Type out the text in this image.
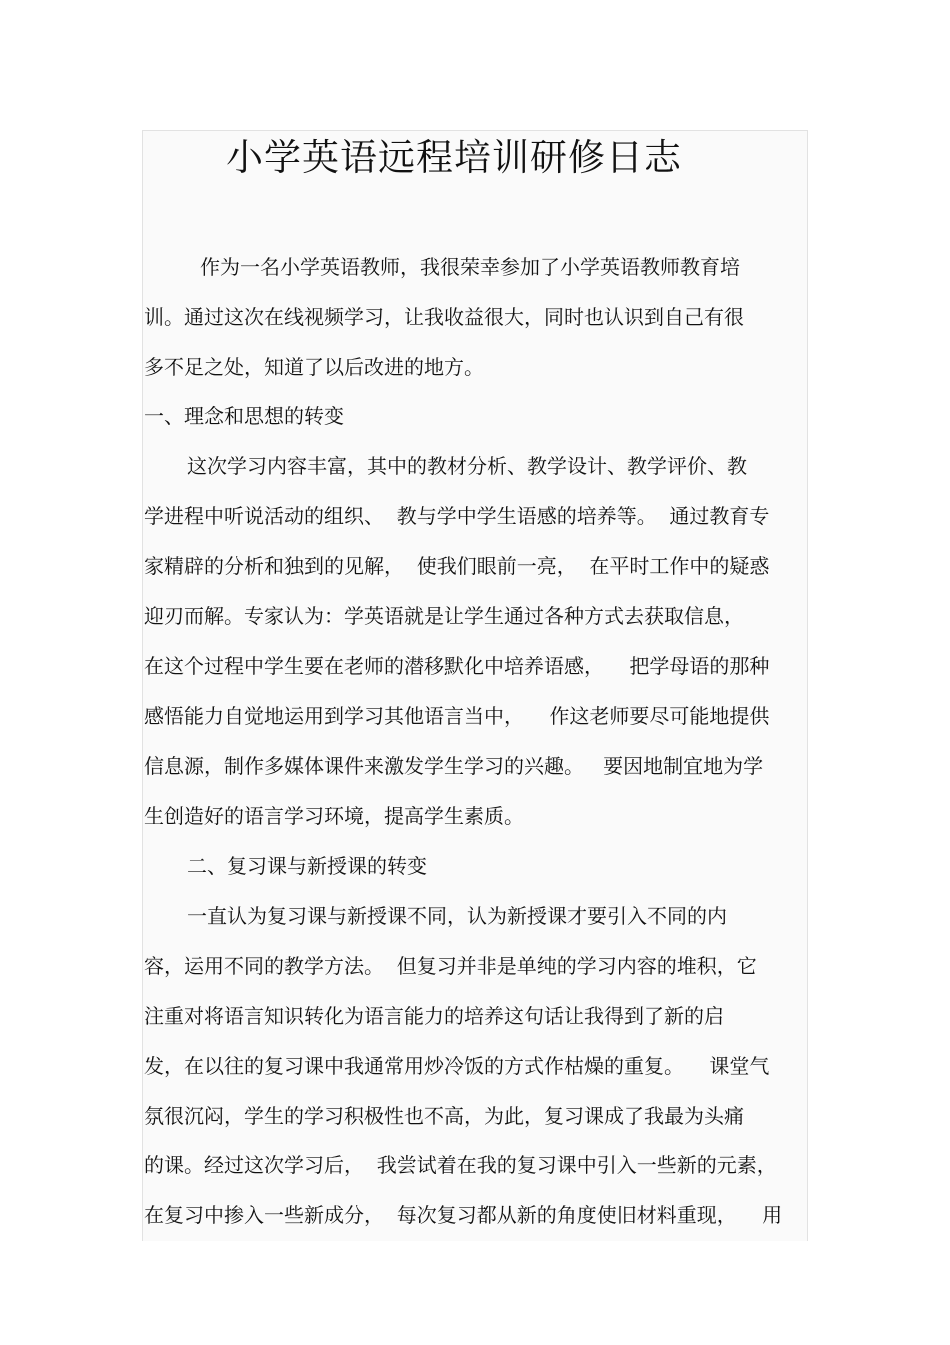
小学英语远程培训研修日志
作为一名小学英语教师，我很荣幸参加了小学英语教师教育培
训。通过这次在线视频学习，让我收益很大，同时也认识到自己有很
多不足之处，知道了以后改进的地方。
一、理念和思想的转变
这次学习内容丰富，其中的教材分析、教学设计、教学评价、教
学进程中听说活动的组织、  教与学中学生语感的培养等。  通过教育专
家精辟的分析和独到的见解，  使我们眼前一亮，  在平时工作中的疑惑
迎刃而解。专家认为：学英语就是让学生通过各种方式去获取信息，
在这个过程中学生要在老师的潜移默化中培养语感，    把学母语的那种
感悟能力自觉地运用到学习其他语言当中，    作这老师要尽可能地提供
信息源，制作多媒体课件来激发学生学习的兴趣。   要因地制宜地为学
生创造好的语言学习环境，提高学生素质。
二、复习课与新授课的转变
一直认为复习课与新授课不同，认为新授课才要引入不同的内
容，运用不同的教学方法。  但复习并非是单纯的学习内容的堆积，它
注重对将语言知识转化为语言能力的培养这句话让我得到了新的启
发，在以往的复习课中我通常用炒冷饭的方式作枯燥的重复。    课堂气
氛很沉闷，学生的学习积极性也不高，为此，复习课成了我最为头痛
的课。经过这次学习后，  我尝试着在我的复习课中引入一些新的元素，
在复习中掺入一些新成分，  每次复习都从新的角度使旧材料重现，    用
